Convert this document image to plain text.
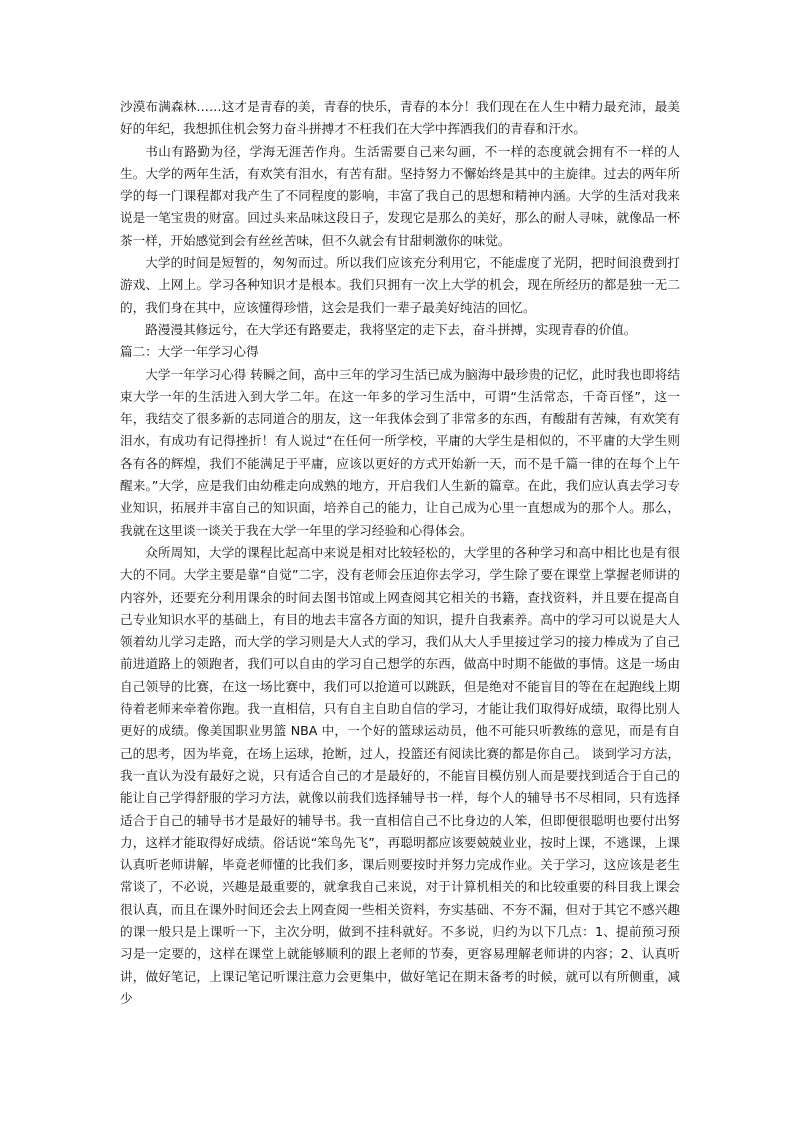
沙漠布满森林……这才是青春的美，青春的快乐，青春的本分！我们现在在人生中精力最充沛，最美好的年纪，我想抓住机会努力奋斗拼搏才不枉我们在大学中挥洒我们的青春和汗水。

书山有路勤为径，学海无涯苦作舟。生活需要自己来勾画，不一样的态度就会拥有不一样的人生。大学的两年生活，有欢笑有泪水，有苦有甜。坚持努力不懈始终是其中的主旋律。过去的两年所学的每一门课程都对我产生了不同程度的影响，丰富了我自己的思想和精神内涵。大学的生活对我来说是一笔宝贵的财富。回过头来品味这段日子，发现它是那么的美好，那么的耐人寻味，就像品一杯茶一样，开始感觉到会有丝丝苦味，但不久就会有甘甜刺激你的味觉。

大学的时间是短暂的，匆匆而过。所以我们应该充分利用它，不能虚度了光阴，把时间浪费到打游戏、上网上。学习各种知识才是根本。我们只拥有一次上大学的机会，现在所经历的都是独一无二的，我们身在其中，应该懂得珍惜，这会是我们一辈子最美好纯洁的回忆。

路漫漫其修远兮，在大学还有路要走，我将坚定的走下去，奋斗拼搏，实现青春的价值。

篇二：大学一年学习心得

大学一年学习心得 转瞬之间，高中三年的学习生活已成为脑海中最珍贵的记忆，此时我也即将结束大学一年的生活进入到大学二年。在这一年多的学习生活中，可谓“生活常态，千奇百怪”，这一年，我结交了很多新的志同道合的朋友，这一年我体会到了非常多的东西，有酸甜有苦辣，有欢笑有泪水，有成功有记得挫折！有人说过“在任何一所学校，平庸的大学生是相似的，不平庸的大学生则各有各的辉煌，我们不能满足于平庸，应该以更好的方式开始新一天，而不是千篇一律的在每个上午醒来。”大学，应是我们由幼稚走向成熟的地方，开启我们人生新的篇章。在此，我们应认真去学习专业知识，拓展并丰富自己的知识面，培养自己的能力，让自己成为心里一直想成为的那个人。那么，我就在这里谈一谈关于我在大学一年里的学习经验和心得体会。

众所周知，大学的课程比起高中来说是相对比较轻松的，大学里的各种学习和高中相比也是有很大的不同。大学主要是靠“自觉”二字，没有老师会压迫你去学习，学生除了要在课堂上掌握老师讲的内容外，还要充分利用课余的时间去图书馆或上网查阅其它相关的书籍，查找资料，并且要在提高自己专业知识水平的基础上，有目的地去丰富各方面的知识，提升自我素养。高中的学习可以说是大人领着幼儿学习走路，而大学的学习则是大人式的学习，我们从大人手里接过学习的接力棒成为了自己前进道路上的领跑者，我们可以自由的学习自己想学的东西，做高中时期不能做的事情。这是一场由自己领导的比赛，在这一场比赛中，我们可以抢道可以跳跃，但是绝对不能盲目的等在在起跑线上期待着老师来牵着你跑。我一直相信，只有自主自助自信的学习，才能让我们取得好成绩，取得比别人更好的成绩。像美国职业男篮 NBA 中，一个好的篮球运动员，他不可能只听教练的意见，而是有自己的思考，因为毕竟，在场上运球，抢断，过人，投篮还有阅读比赛的都是你自己。 谈到学习方法，我一直认为没有最好之说，只有适合自己的才是最好的，不能盲目模仿别人而是要找到适合于自己的能让自己学得舒服的学习方法，就像以前我们选择辅导书一样，每个人的辅导书不尽相同，只有选择适合于自己的辅导书才是最好的辅导书。我一直相信自己不比身边的人笨，但即便很聪明也要付出努力，这样才能取得好成绩。俗话说“笨鸟先飞”，再聪明都应该要兢兢业业，按时上课，不逃课，上课认真听老师讲解，毕竟老师懂的比我们多，课后则要按时并努力完成作业。关于学习，这应该是老生常谈了，不必说，兴趣是最重要的，就拿我自己来说，对于计算机相关的和比较重要的科目我上课会很认真，而且在课外时间还会去上网查阅一些相关资料，夯实基础、不夯不漏，但对于其它不感兴趣的课一般只是上课听一下，主次分明，做到不挂科就好。不多说，归约为以下几点：1、提前预习预习是一定要的，这样在课堂上就能够顺利的跟上老师的节奏，更容易理解老师讲的内容；2、认真听讲，做好笔记，上课记笔记听课注意力会更集中，做好笔记在期末备考的时候，就可以有所侧重，减少
